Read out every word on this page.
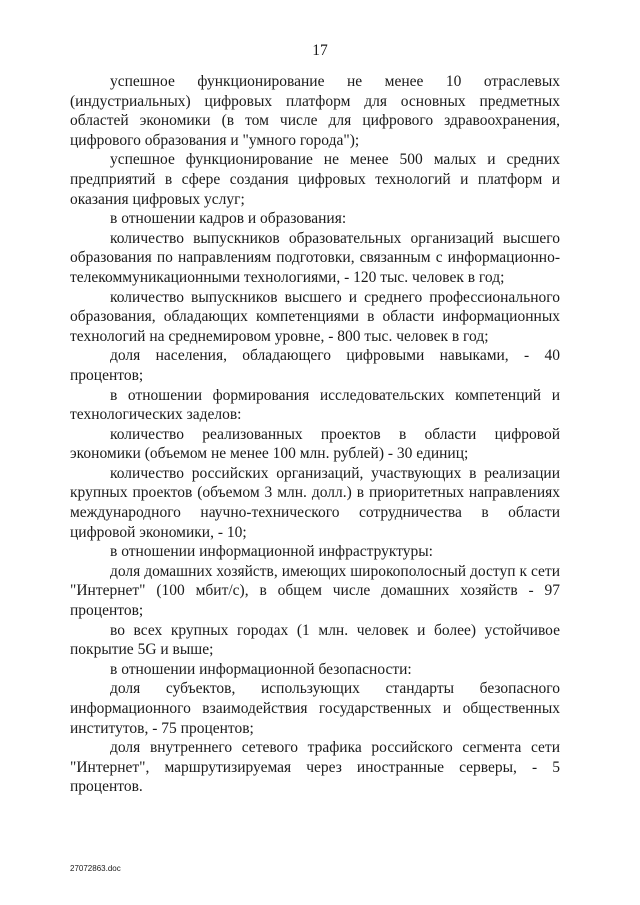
17

успешное функционирование не менее 10 отраслевых (индустриальных) цифровых платформ для основных предметных областей экономики (в том числе для цифрового здравоохранения, цифрового образования и "умного города");

успешное функционирование не менее 500 малых и средних предприятий в сфере создания цифровых технологий и платформ и оказания цифровых услуг;

в отношении кадров и образования:

количество выпускников образовательных организаций высшего образования по направлениям подготовки, связанным с информационно-телекоммуникационными технологиями, - 120 тыс. человек в год;

количество выпускников высшего и среднего профессионального образования, обладающих компетенциями в области информационных технологий на среднемировом уровне, - 800 тыс. человек в год;

доля населения, обладающего цифровыми навыками, - 40 процентов;

в отношении формирования исследовательских компетенций и технологических заделов:

количество реализованных проектов в области цифровой экономики (объемом не менее 100 млн. рублей) - 30 единиц;

количество российских организаций, участвующих в реализации крупных проектов (объемом 3 млн. долл.) в приоритетных направлениях международного научно-технического сотрудничества в области цифровой экономики, - 10;

в отношении информационной инфраструктуры:

доля домашних хозяйств, имеющих широкополосный доступ к сети "Интернет" (100 мбит/с), в общем числе домашних хозяйств - 97 процентов;

во всех крупных городах (1 млн. человек и более) устойчивое покрытие 5G и выше;

в отношении информационной безопасности:

доля субъектов, использующих стандарты безопасного информационного взаимодействия государственных и общественных институтов, - 75 процентов;

доля внутреннего сетевого трафика российского сегмента сети "Интернет", маршрутизируемая через иностранные серверы, - 5 процентов.

27072863.doc
